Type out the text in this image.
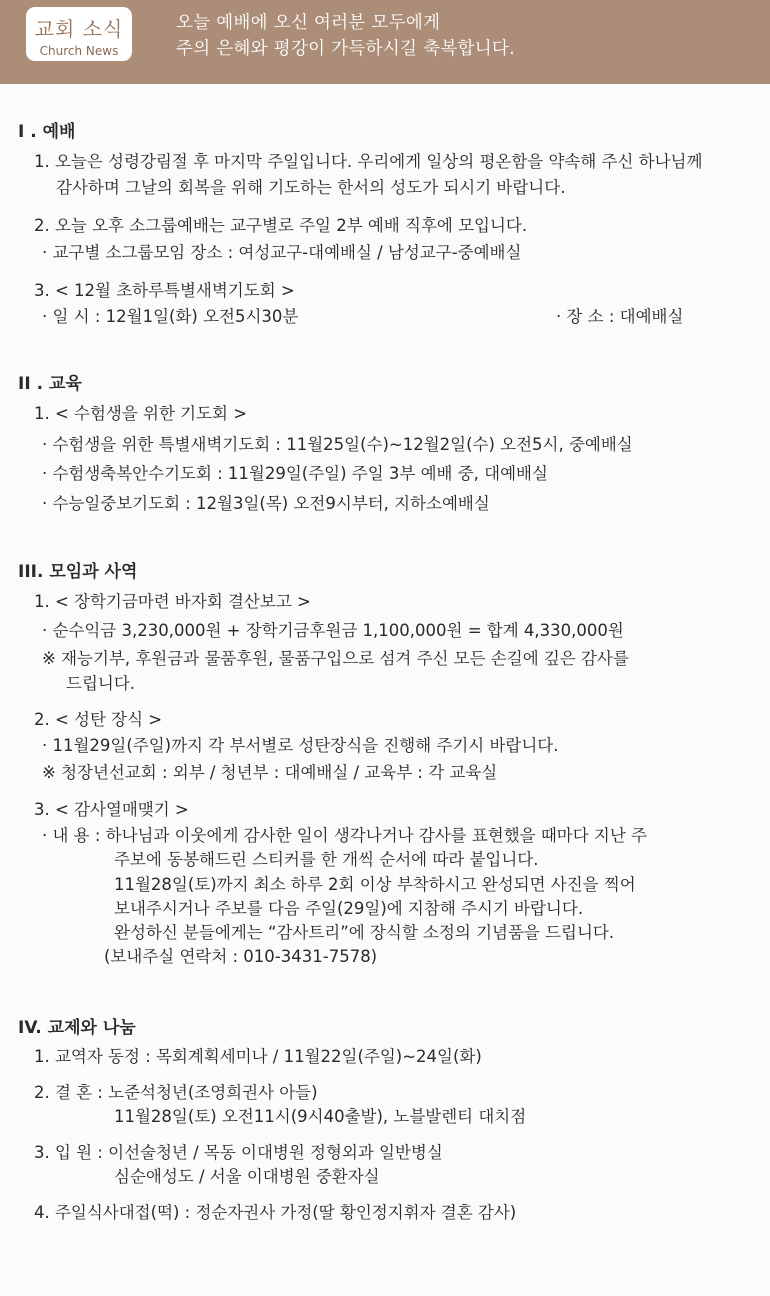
교회 소식
Church News
오늘 예배에 오신 여러분 모두에게
주의 은혜와 평강이 가득하시길 축복합니다.
I . 예배
1. 오늘은 성령강림절 후 마지막 주일입니다. 우리에게 일상의 평온함을 약속해 주신 하나님께
감사하며 그날의 회복을 위해 기도하는 한서의 성도가 되시기 바랍니다.
2. 오늘 오후 소그룹예배는 교구별로 주일 2부 예배 직후에 모입니다.
· 교구별 소그룹모임 장소 : 여성교구-대예배실 / 남성교구-중예배실
3. < 12월 초하루특별새벽기도회 >
· 일 시 : 12월1일(화) 오전5시30분	· 장 소 : 대예배실
II . 교육
1. < 수험생을 위한 기도회 >
· 수험생을 위한 특별새벽기도회 : 11월25일(수)~12월2일(수) 오전5시, 중예배실
· 수험생축복안수기도회 : 11월29일(주일) 주일 3부 예배 중, 대예배실
· 수능일중보기도회 : 12월3일(목) 오전9시부터, 지하소예배실
III. 모임과 사역
1. < 장학기금마련 바자회 결산보고 >
· 순수익금 3,230,000원 + 장학기금후원금 1,100,000원 = 합계 4,330,000원
※ 재능기부, 후원금과 물품후원, 물품구입으로 섬겨 주신 모든 손길에 깊은 감사를
드립니다.
2. < 성탄 장식 >
· 11월29일(주일)까지 각 부서별로 성탄장식을 진행해 주기시 바랍니다.
※ 청장년선교회 : 외부 / 청년부 : 대예배실 / 교육부 : 각 교육실
3. < 감사열매맺기 >
· 내 용 : 하나님과 이웃에게 감사한 일이 생각나거나 감사를 표현했을 때마다 지난 주
주보에 동봉해드린 스티커를 한 개씩 순서에 따라 붙입니다.
11월28일(토)까지 최소 하루 2회 이상 부착하시고 완성되면 사진을 찍어
보내주시거나 주보를 다음 주일(29일)에 지참해 주시기 바랍니다.
완성하신 분들에게는 “감사트리”에 장식할 소정의 기념품을 드립니다.
(보내주실 연락처 : 010-3431-7578)
IV. 교제와 나눔
1. 교역자 동정 : 목회계획세미나 / 11월22일(주일)~24일(화)
2. 결 혼 : 노준석청년(조영희권사 아들)
11월28일(토) 오전11시(9시40출발), 노블발렌티 대치점
3. 입 원 : 이선술청년 / 목동 이대병원 정형외과 일반병실
심순애성도 / 서울 이대병원 중환자실
4. 주일식사대접(떡) : 정순자권사 가정(딸 황인정지휘자 결혼 감사)
